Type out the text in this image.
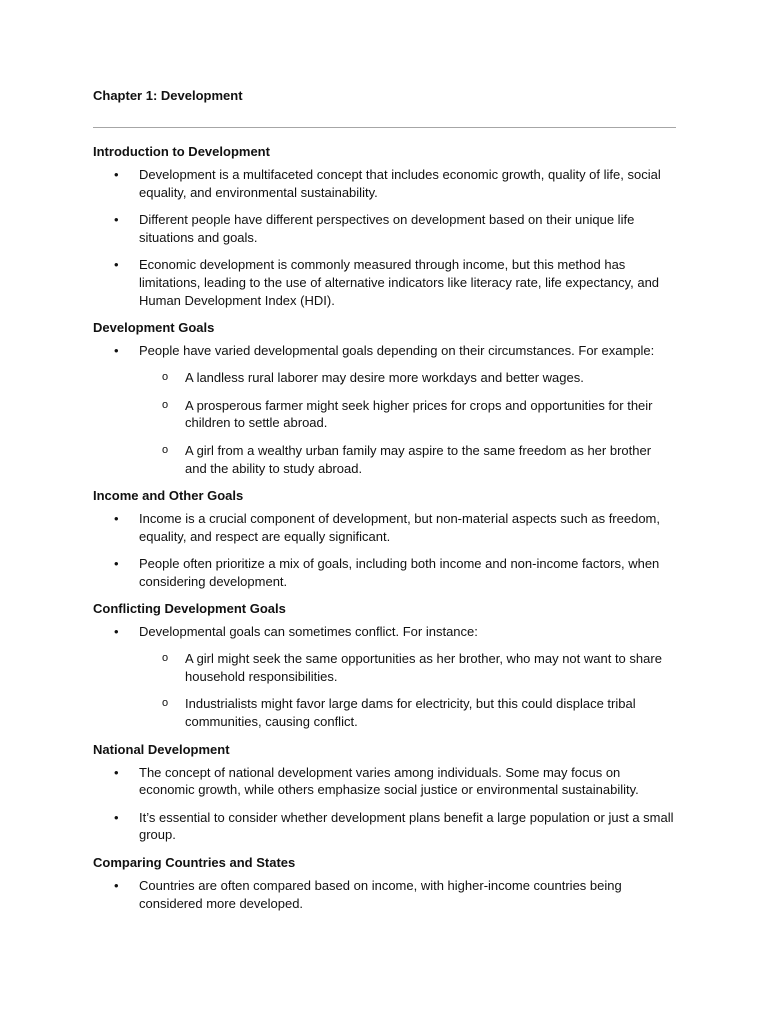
Chapter 1: Development
Introduction to Development
• Development is a multifaceted concept that includes economic growth, quality of life, social equality, and environmental sustainability.
• Different people have different perspectives on development based on their unique life situations and goals.
• Economic development is commonly measured through income, but this method has limitations, leading to the use of alternative indicators like literacy rate, life expectancy, and Human Development Index (HDI).
Development Goals
• People have varied developmental goals depending on their circumstances. For example:
o A landless rural laborer may desire more workdays and better wages.
o A prosperous farmer might seek higher prices for crops and opportunities for their children to settle abroad.
o A girl from a wealthy urban family may aspire to the same freedom as her brother and the ability to study abroad.
Income and Other Goals
• Income is a crucial component of development, but non-material aspects such as freedom, equality, and respect are equally significant.
• People often prioritize a mix of goals, including both income and non-income factors, when considering development.
Conflicting Development Goals
• Developmental goals can sometimes conflict. For instance:
o A girl might seek the same opportunities as her brother, who may not want to share household responsibilities.
o Industrialists might favor large dams for electricity, but this could displace tribal communities, causing conflict.
National Development
• The concept of national development varies among individuals. Some may focus on economic growth, while others emphasize social justice or environmental sustainability.
• It’s essential to consider whether development plans benefit a large population or just a small group.
Comparing Countries and States
• Countries are often compared based on income, with higher-income countries being considered more developed.
